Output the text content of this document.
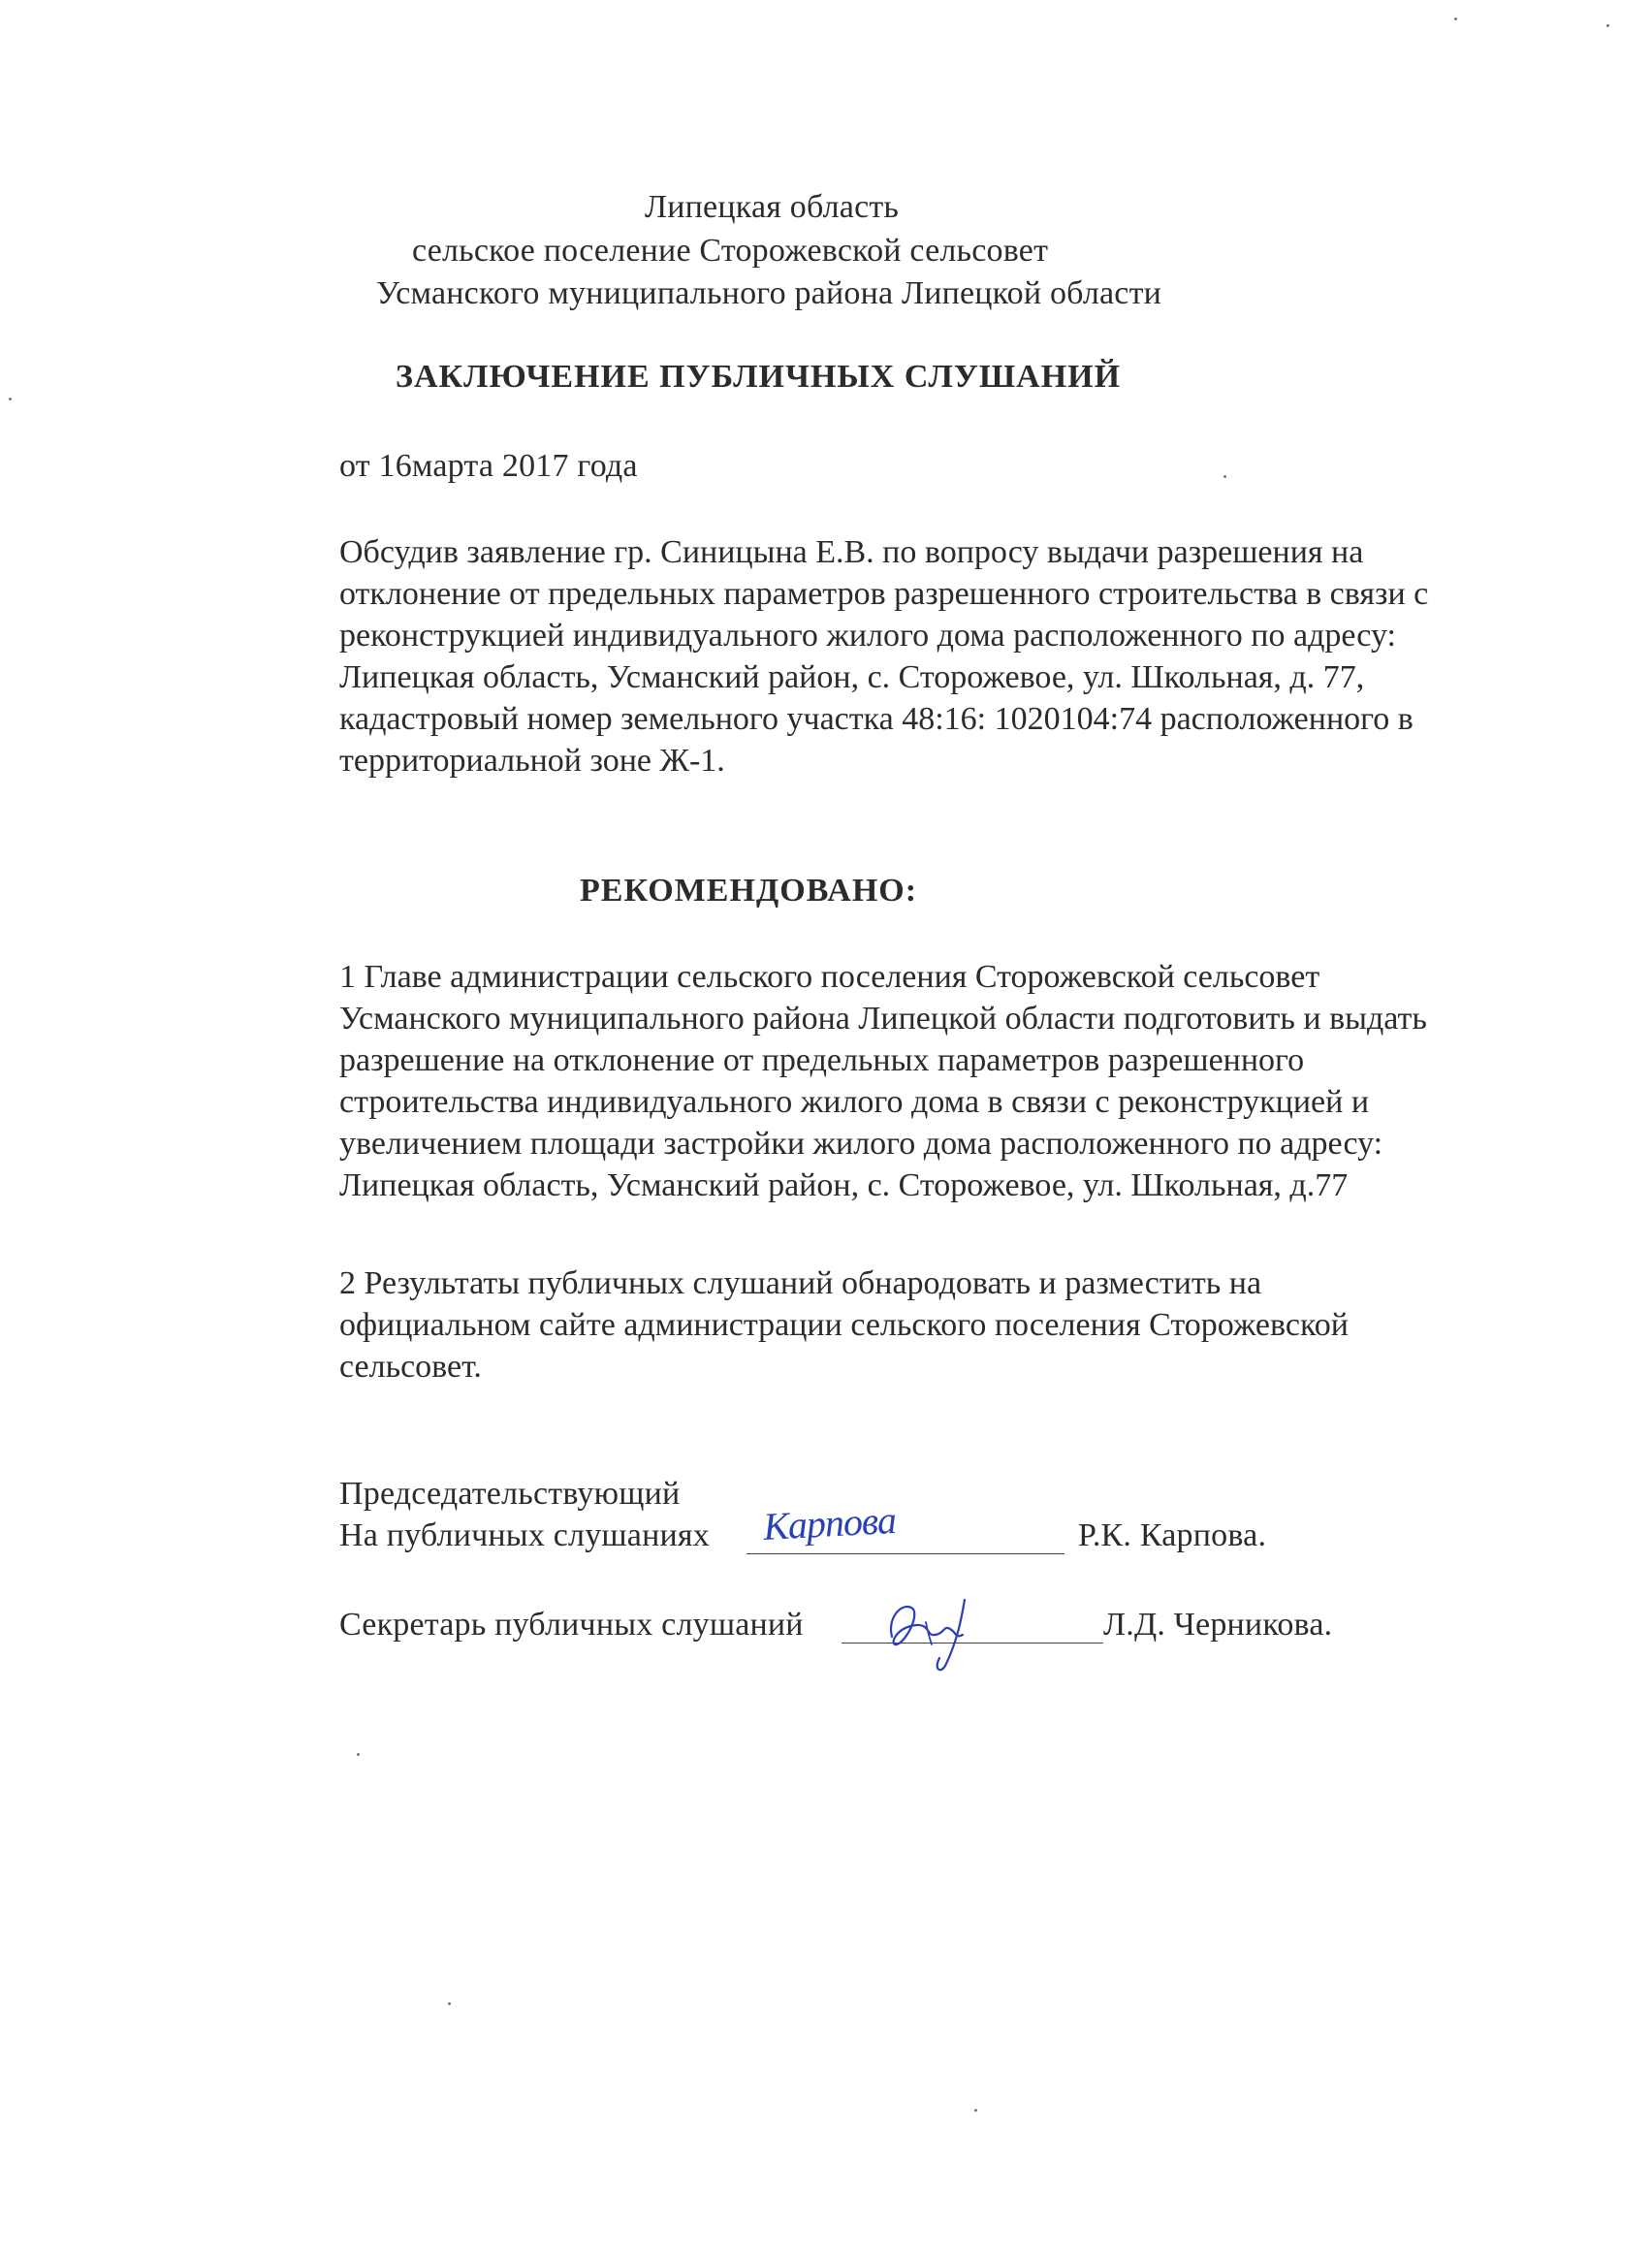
Липецкая область
сельское поселение Сторожевской сельсовет
Усманского муниципального района Липецкой области
ЗАКЛЮЧЕНИЕ ПУБЛИЧНЫХ СЛУШАНИЙ
от 16марта 2017 года
Обсудив заявление гр. Синицына Е.В. по вопросу выдачи разрешения на
отклонение от предельных параметров разрешенного строительства в связи с
реконструкцией индивидуального жилого дома расположенного по адресу:
Липецкая область, Усманский район, с. Сторожевое, ул. Школьная, д. 77,
кадастровый номер земельного участка 48:16: 1020104:74 расположенного в
территориальной зоне Ж-1.
РЕКОМЕНДОВАНО:
1 Главе администрации сельского поселения Сторожевской сельсовет
Усманского муниципального района Липецкой области подготовить и выдать
разрешение на отклонение от предельных параметров разрешенного
строительства индивидуального жилого дома в связи с реконструкцией и
увеличением площади застройки жилого дома расположенного по адресу:
Липецкая область, Усманский район, с. Сторожевое, ул. Школьная, д.77
2 Результаты публичных слушаний обнародовать и разместить на
официальном сайте администрации сельского поселения Сторожевской
сельсовет.
Председательствующий
На публичных слушаниях Карпова	Р.К. Карпова.
Секретарь публичных слушаний	Л.Д. Черникова.
